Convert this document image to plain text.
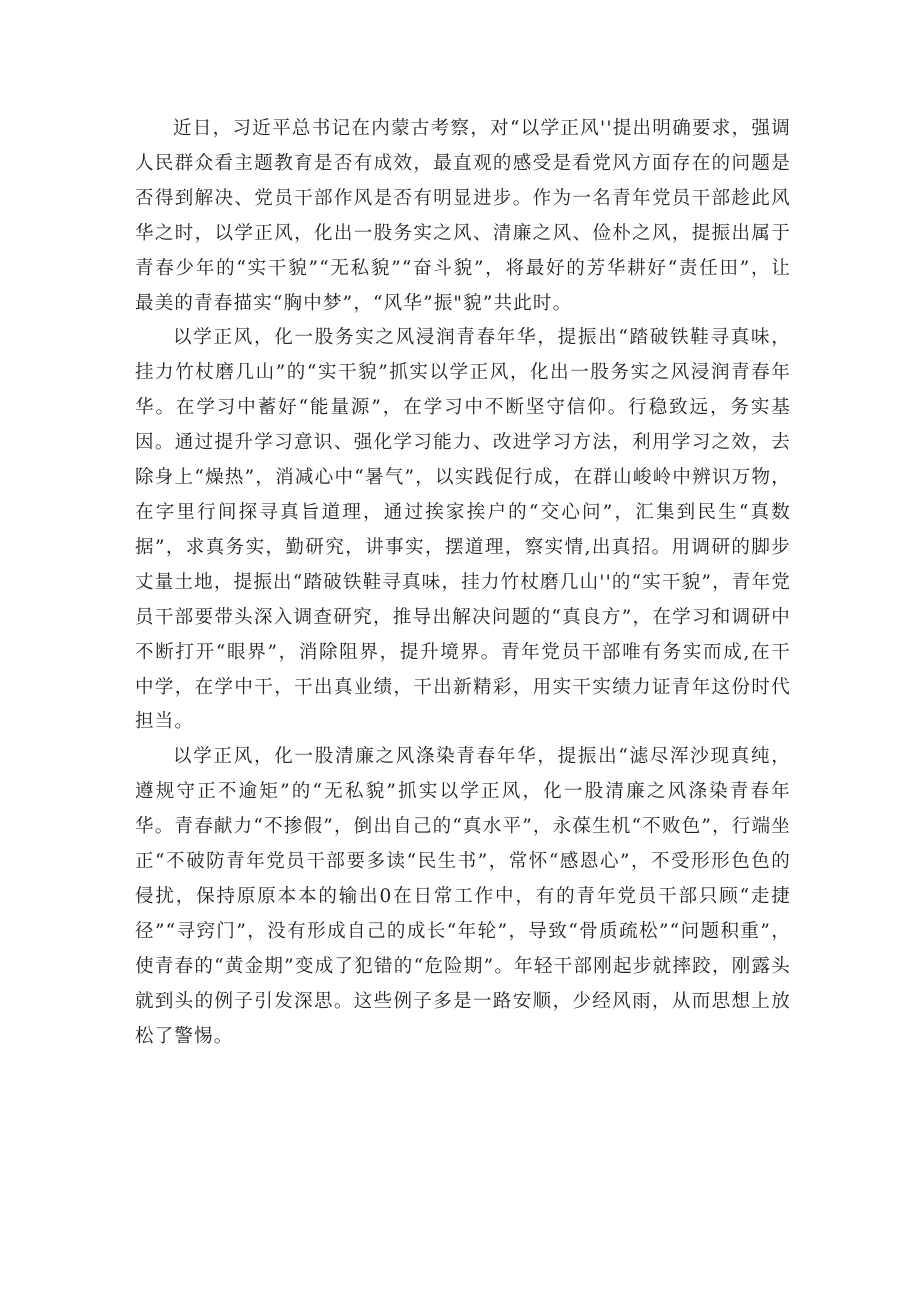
近日，习近平总书记在内蒙古考察，对“以学正风''提出明确要求，强调人民群众看主题教育是否有成效，最直观的感受是看党风方面存在的问题是否得到解决、党员干部作风是否有明显进步。作为一名青年党员干部趁此风华之时，以学正风，化出一股务实之风、清廉之风、俭朴之风，提振出属于青春少年的“实干貌”“无私貌”“奋斗貌”，将最好的芳华耕好“责任田”，让最美的青春描实“胸中梦”，“风华”振"貌”共此时。

以学正风，化一股务实之风浸润青春年华，提振出“踏破铁鞋寻真味，挂力竹杖磨几山”的“实干貌”抓实以学正风，化出一股务实之风浸润青春年华。在学习中蓄好“能量源”，在学习中不断坚守信仰。行稳致远，务实基因。通过提升学习意识、强化学习能力、改进学习方法，利用学习之效，去除身上“燥热”，消减心中“暑气”，以实践促行成，在群山峻岭中辨识万物，在字里行间探寻真旨道理，通过挨家挨户的“交心问”，汇集到民生“真数据”，求真务实，勤研究，讲事实，摆道理，察实情,出真招。用调研的脚步丈量土地，提振出“踏破铁鞋寻真味，挂力竹杖磨几山''的“实干貌”，青年党员干部要带头深入调查研究，推导出解决问题的“真良方”，在学习和调研中不断打开“眼界”，消除阻界，提升境界。青年党员干部唯有务实而成,在干中学，在学中干，干出真业绩，干出新精彩，用实干实绩力证青年这份时代担当。

以学正风，化一股清廉之风涤染青春年华，提振出“滤尽浑沙现真纯，遵规守正不逾矩”的“无私貌”抓实以学正风，化一股清廉之风涤染青春年华。青春献力“不掺假”，倒出自己的“真水平”，永葆生机“不败色”，行端坐正“不破防青年党员干部要多读“民生书”，常怀“感恩心”，不受形形色色的侵扰，保持原原本本的输出0在日常工作中，有的青年党员干部只顾“走捷径”“寻窍门”，没有形成自己的成长“年轮”，导致“骨质疏松”“问题积重”，使青春的“黄金期”变成了犯错的“危险期”。年轻干部刚起步就摔跤，刚露头就到头的例子引发深思。这些例子多是一路安顺，少经风雨，从而思想上放松了警惕。
